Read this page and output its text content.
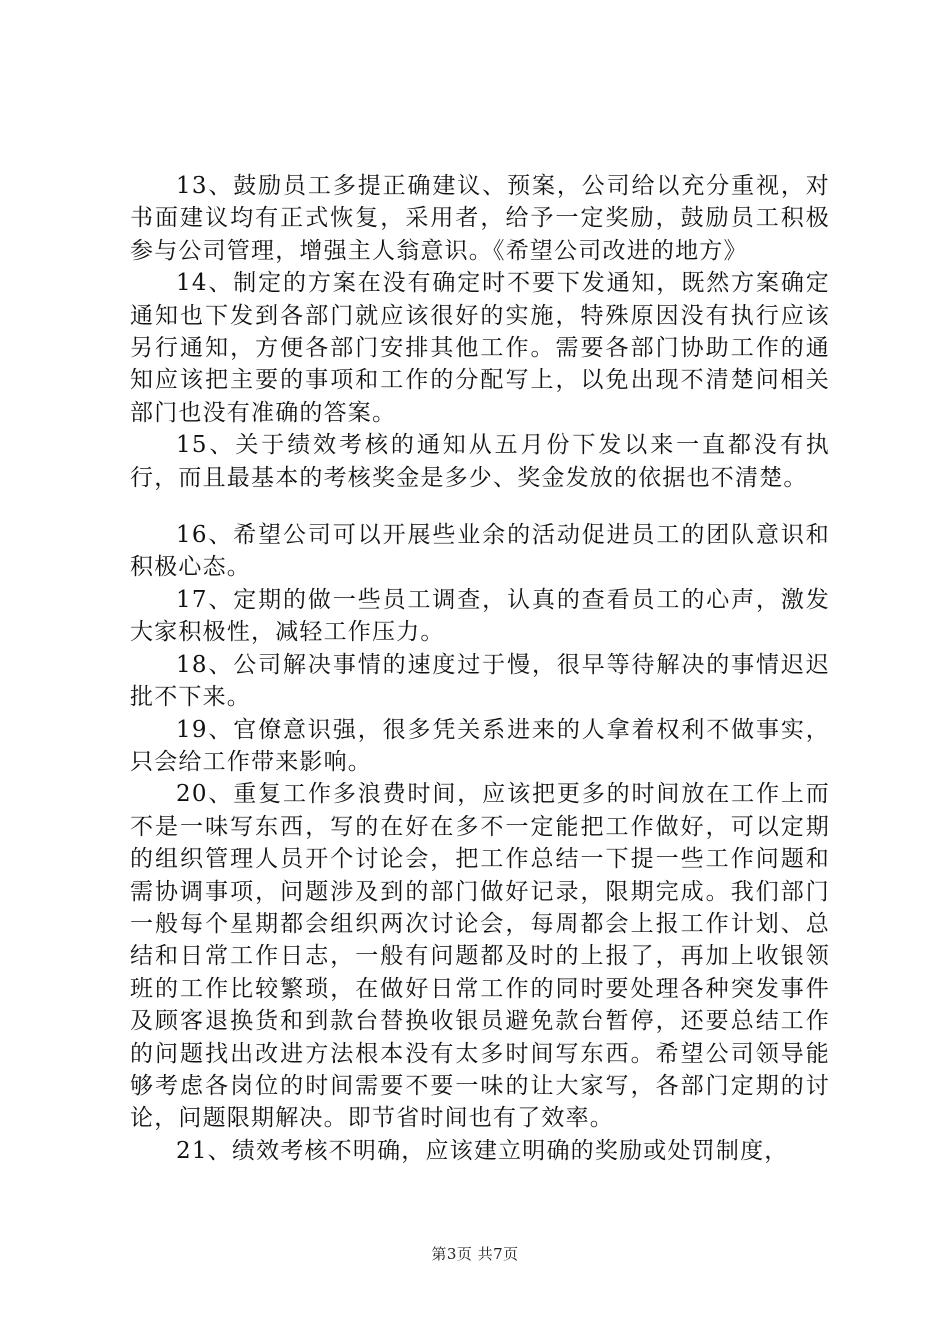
13、鼓励员工多提正确建议、预案，公司给以充分重视，对书面建议均有正式恢复，采用者，给予一定奖励，鼓励员工积极参与公司管理，增强主人翁意识。《希望公司改进的地方》

14、制定的方案在没有确定时不要下发通知，既然方案确定通知也下发到各部门就应该很好的实施，特殊原因没有执行应该另行通知，方便各部门安排其他工作。需要各部门协助工作的通知应该把主要的事项和工作的分配写上，以免出现不清楚问相关部门也没有准确的答案。

15、关于绩效考核的通知从五月份下发以来一直都没有执行，而且最基本的考核奖金是多少、奖金发放的依据也不清楚。

16、希望公司可以开展些业余的活动促进员工的团队意识和积极心态。

17、定期的做一些员工调查，认真的查看员工的心声，激发大家积极性，减轻工作压力。

18、公司解决事情的速度过于慢，很早等待解决的事情迟迟批不下来。

19、官僚意识强，很多凭关系进来的人拿着权利不做事实，只会给工作带来影响。

20、重复工作多浪费时间，应该把更多的时间放在工作上而不是一味写东西，写的在好在多不一定能把工作做好，可以定期的组织管理人员开个讨论会，把工作总结一下提一些工作问题和需协调事项，问题涉及到的部门做好记录，限期完成。我们部门一般每个星期都会组织两次讨论会，每周都会上报工作计划、总结和日常工作日志，一般有问题都及时的上报了，再加上收银领班的工作比较繁琐，在做好日常工作的同时要处理各种突发事件及顾客退换货和到款台替换收银员避免款台暂停，还要总结工作的问题找出改进方法根本没有太多时间写东西。希望公司领导能够考虑各岗位的时间需要不要一味的让大家写，各部门定期的讨论，问题限期解决。即节省时间也有了效率。

21、绩效考核不明确，应该建立明确的奖励或处罚制度，

第3页 共7页
